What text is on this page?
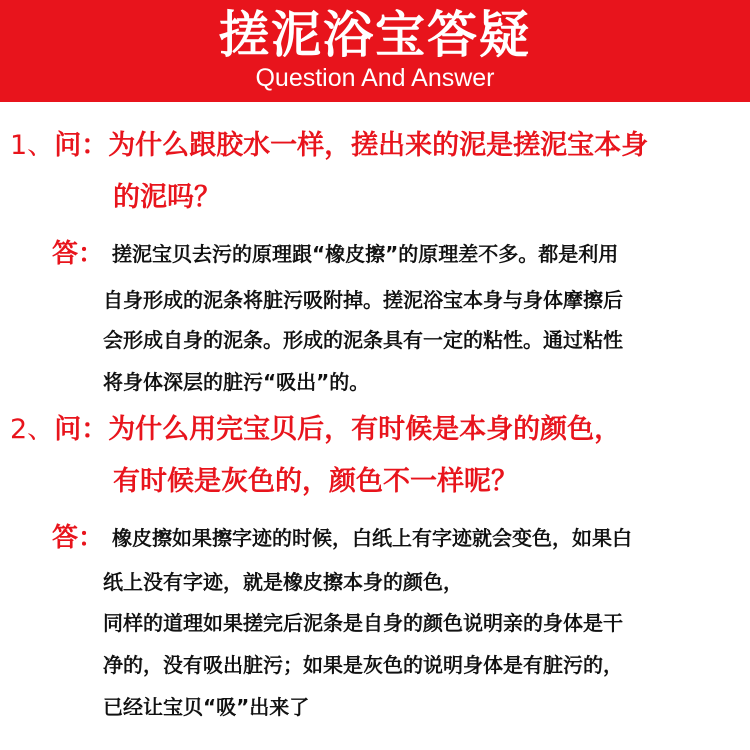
搓泥浴宝答疑
Question And Answer
1、问：为什么跟胶水一样，搓出来的泥是搓泥宝本身
的泥吗？
答： 搓泥宝贝去污的原理跟“橡皮擦”的原理差不多。都是利用
自身形成的泥条将脏污吸附掉。搓泥浴宝本身与身体摩擦后
会形成自身的泥条。形成的泥条具有一定的粘性。通过粘性
将身体深层的脏污“吸出”的。
2、问：为什么用完宝贝后，有时候是本身的颜色，
有时候是灰色的，颜色不一样呢？
答： 橡皮擦如果擦字迹的时候，白纸上有字迹就会变色，如果白
纸上没有字迹，就是橡皮擦本身的颜色，
同样的道理如果搓完后泥条是自身的颜色说明亲的身体是干
净的，没有吸出脏污；如果是灰色的说明身体是有脏污的，
已经让宝贝“吸”出来了
